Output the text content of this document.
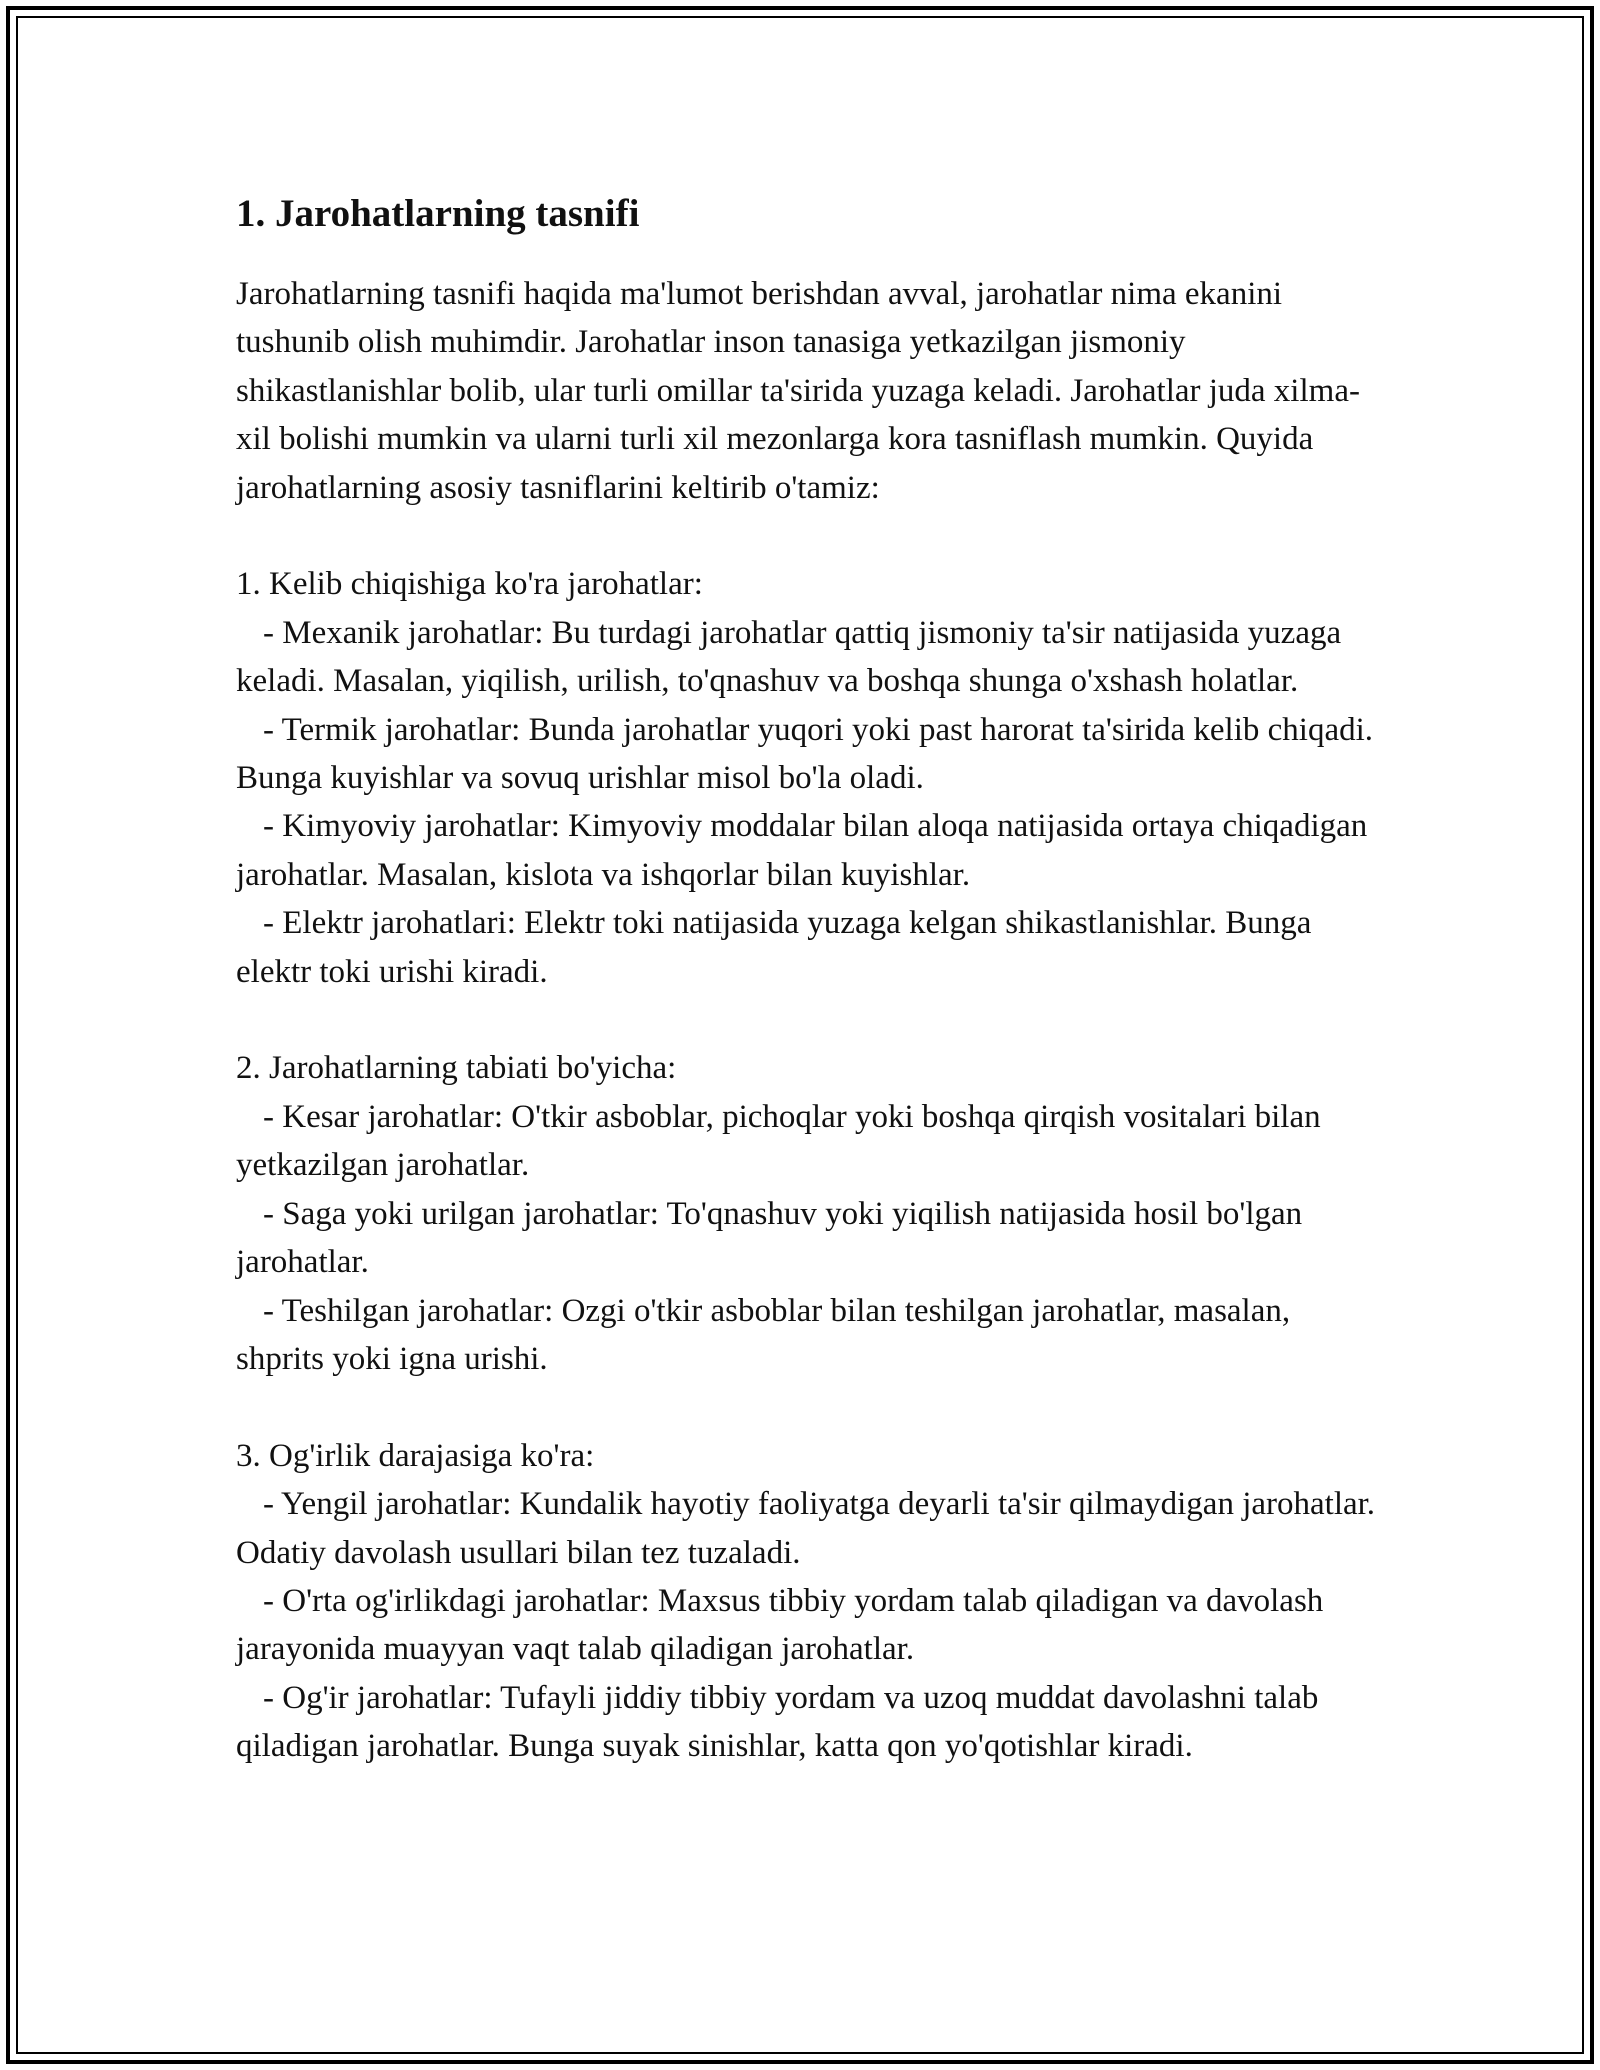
1. Jarohatlarning tasnifi

Jarohatlarning tasnifi haqida ma'lumot berishdan avval, jarohatlar nima ekanini tushunib olish muhimdir. Jarohatlar inson tanasiga yetkazilgan jismoniy shikastlanishlar bolib, ular turli omillar ta'sirida yuzaga keladi. Jarohatlar juda xilma-xil bolishi mumkin va ularni turli xil mezonlarga kora tasniflash mumkin. Quyida jarohatlarning asosiy tasniflarini keltirib o'tamiz:

1. Kelib chiqishiga ko'ra jarohatlar:

- Mexanik jarohatlar: Bu turdagi jarohatlar qattiq jismoniy ta'sir natijasida yuzaga keladi. Masalan, yiqilish, urilish, to'qnashuv va boshqa shunga o'xshash holatlar.

- Termik jarohatlar: Bunda jarohatlar yuqori yoki past harorat ta'sirida kelib chiqadi. Bunga kuyishlar va sovuq urishlar misol bo'la oladi.

- Kimyoviy jarohatlar: Kimyoviy moddalar bilan aloqa natijasida ortaya chiqadigan jarohatlar. Masalan, kislota va ishqorlar bilan kuyishlar.

- Elektr jarohatlari: Elektr toki natijasida yuzaga kelgan shikastlanishlar. Bunga elektr toki urishi kiradi.

2. Jarohatlarning tabiati bo'yicha:

- Kesar jarohatlar: O'tkir asboblar, pichoqlar yoki boshqa qirqish vositalari bilan yetkazilgan jarohatlar.

- Saga yoki urilgan jarohatlar: To'qnashuv yoki yiqilish natijasida hosil bo'lgan jarohatlar.

- Teshilgan jarohatlar: Ozgi o'tkir asboblar bilan teshilgan jarohatlar, masalan, shprits yoki igna urishi.

3. Og'irlik darajasiga ko'ra:

- Yengil jarohatlar: Kundalik hayotiy faoliyatga deyarli ta'sir qilmaydigan jarohatlar. Odatiy davolash usullari bilan tez tuzaladi.

- O'rta og'irlikdagi jarohatlar: Maxsus tibbiy yordam talab qiladigan va davolash jarayonida muayyan vaqt talab qiladigan jarohatlar.

- Og'ir jarohatlar: Tufayli jiddiy tibbiy yordam va uzoq muddat davolashni talab qiladigan jarohatlar. Bunga suyak sinishlar, katta qon yo'qotishlar kiradi.
